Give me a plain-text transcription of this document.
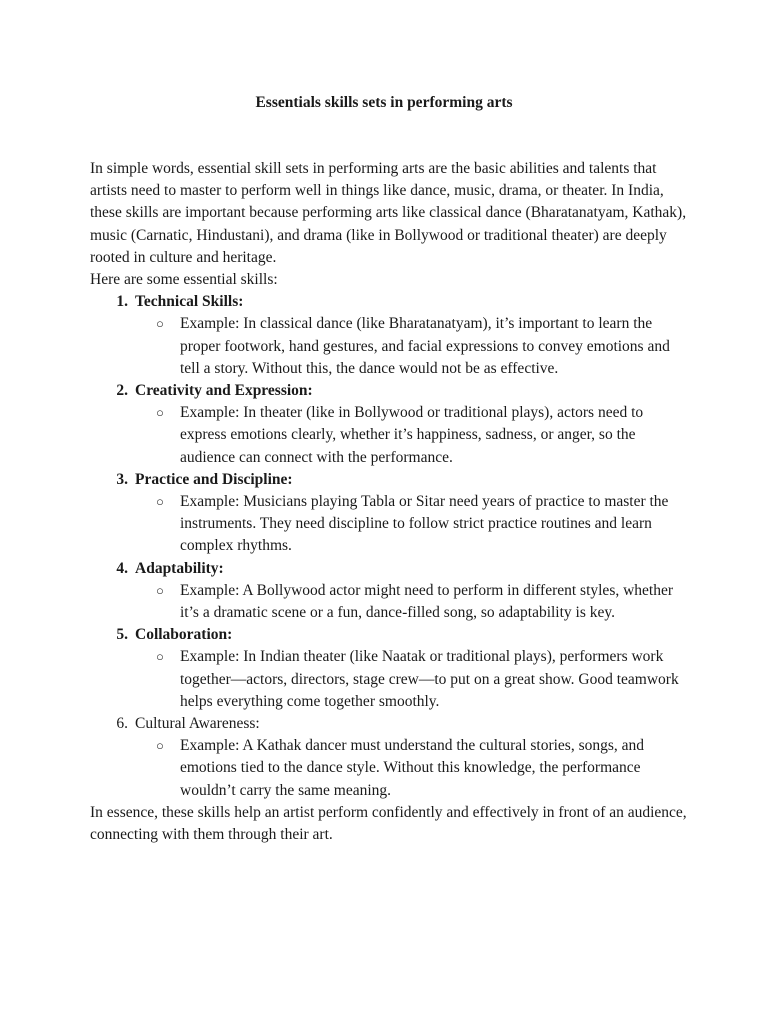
Essentials skills sets in performing arts

In simple words, essential skill sets in performing arts are the basic abilities and talents that artists need to master to perform well in things like dance, music, drama, or theater. In India, these skills are important because performing arts like classical dance (Bharatanatyam, Kathak), music (Carnatic, Hindustani), and drama (like in Bollywood or traditional theater) are deeply rooted in culture and heritage.

Here are some essential skills:

1. Technical Skills:
○ Example: In classical dance (like Bharatanatyam), it’s important to learn the proper footwork, hand gestures, and facial expressions to convey emotions and tell a story. Without this, the dance would not be as effective.
2. Creativity and Expression:
○ Example: In theater (like in Bollywood or traditional plays), actors need to express emotions clearly, whether it’s happiness, sadness, or anger, so the audience can connect with the performance.
3. Practice and Discipline:
○ Example: Musicians playing Tabla or Sitar need years of practice to master the instruments. They need discipline to follow strict practice routines and learn complex rhythms.
4. Adaptability:
○ Example: A Bollywood actor might need to perform in different styles, whether it’s a dramatic scene or a fun, dance-filled song, so adaptability is key.
5. Collaboration:
○ Example: In Indian theater (like Naatak or traditional plays), performers work together—actors, directors, stage crew—to put on a great show. Good teamwork helps everything come together smoothly.
6. Cultural Awareness:
○ Example: A Kathak dancer must understand the cultural stories, songs, and emotions tied to the dance style. Without this knowledge, the performance wouldn’t carry the same meaning.

In essence, these skills help an artist perform confidently and effectively in front of an audience, connecting with them through their art.
